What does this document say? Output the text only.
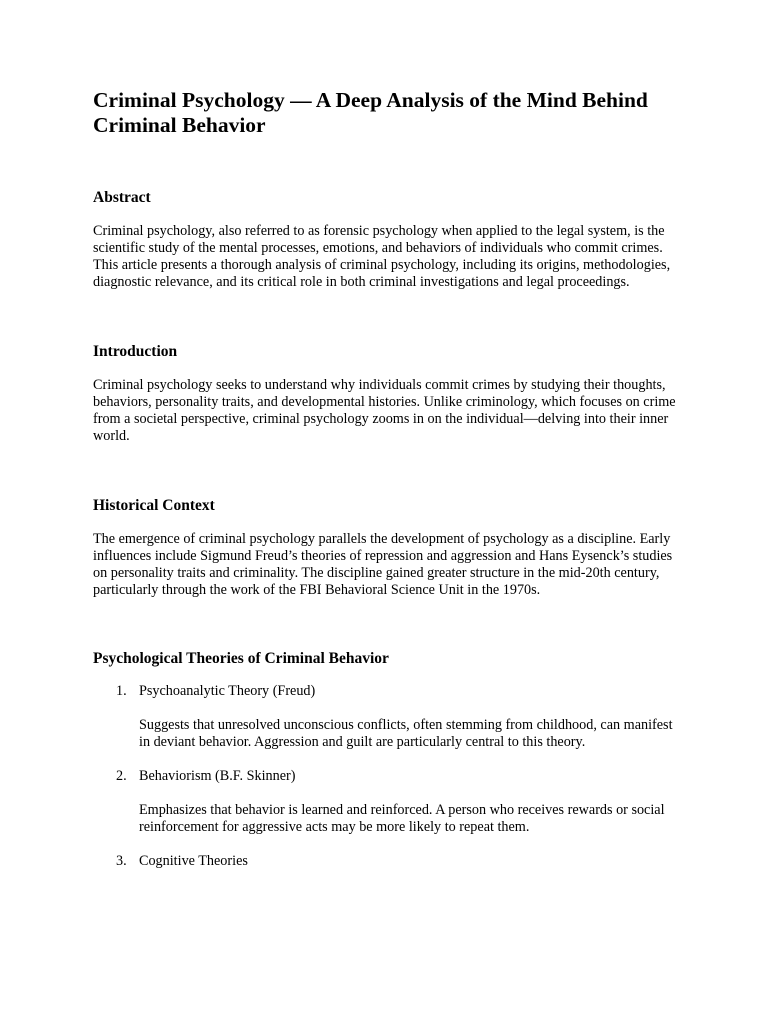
Criminal Psychology — A Deep Analysis of the Mind Behind Criminal Behavior
Abstract

Criminal psychology, also referred to as forensic psychology when applied to the legal system, is the scientific study of the mental processes, emotions, and behaviors of individuals who commit crimes. This article presents a thorough analysis of criminal psychology, including its origins, methodologies, diagnostic relevance, and its critical role in both criminal investigations and legal proceedings.

Introduction

Criminal psychology seeks to understand why individuals commit crimes by studying their thoughts, behaviors, personality traits, and developmental histories. Unlike criminology, which focuses on crime from a societal perspective, criminal psychology zooms in on the individual—delving into their inner world.

Historical Context

The emergence of criminal psychology parallels the development of psychology as a discipline. Early influences include Sigmund Freud’s theories of repression and aggression and Hans Eysenck’s studies on personality traits and criminality. The discipline gained greater structure in the mid-20th century, particularly through the work of the FBI Behavioral Science Unit in the 1970s.

Psychological Theories of Criminal Behavior
1. Psychoanalytic Theory (Freud)
Suggests that unresolved unconscious conflicts, often stemming from childhood, can manifest in deviant behavior. Aggression and guilt are particularly central to this theory.
2. Behaviorism (B.F. Skinner)
Emphasizes that behavior is learned and reinforced. A person who receives rewards or social reinforcement for aggressive acts may be more likely to repeat them.
3. Cognitive Theories
